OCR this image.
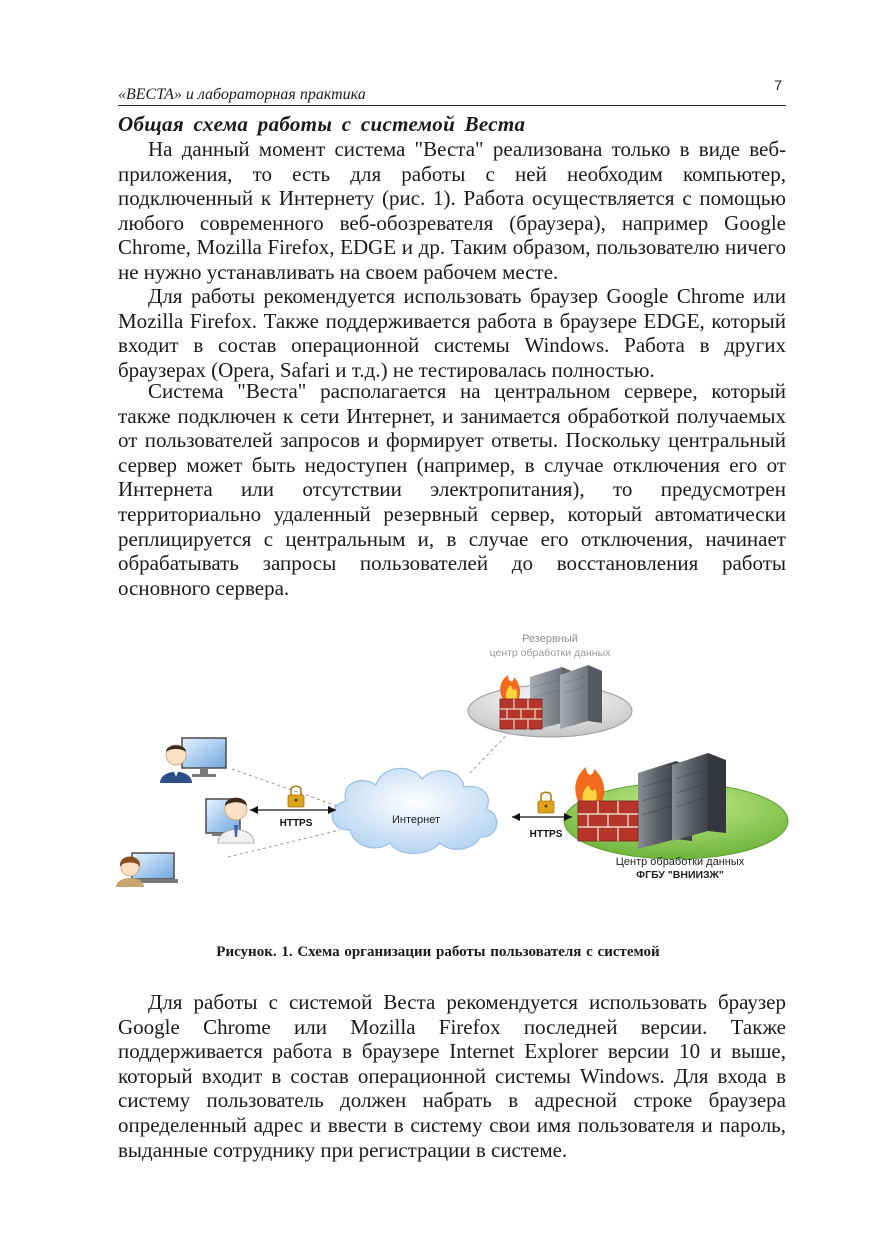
«ВЕСТА» и лабораторная практика
7
Общая схема работы с системой Веста

На данный момент система "Веста" реализована только в виде веб-приложения, то есть для работы с ней необходим компьютер, подключенный к Интернету (рис. 1). Работа осуществляется с помощью любого современного веб-обозревателя (браузера), например Google Chrome, Mozilla Firefox, EDGE и др. Таким образом, пользователю ничего не нужно устанавливать на своем рабочем месте.

Для работы рекомендуется использовать браузер Google Chrome или Mozilla Firefox. Также поддерживается работа в браузере EDGE, который входит в состав операционной системы Windows. Работа в других браузерах (Opera, Safari и т.д.) не тестировалась полностью.

Система "Веста" располагается на центральном сервере, который также подключен к сети Интернет, и занимается обработкой получаемых от пользователей запросов и формирует ответы. Поскольку центральный сервер может быть недоступен (например, в случае отключения его от Интернета или отсутствии электропитания), то предусмотрен территориально удаленный резервный сервер, который автоматически реплицируется с центральным и, в случае его отключения, начинает обрабатывать запросы пользователей до восстановления работы основного сервера.

Резервный
центр обработки данных
Центр обработки данных
ФГБУ "ВНИИЗЖ"
Интернет
HTTPS
HTTPS
Рисунок. 1. Схема организации работы пользователя с системой

Для работы с системой Веста рекомендуется использовать браузер Google Chrome или Mozilla Firefox последней версии. Также поддерживается работа в браузере Internet Explorer версии 10 и выше, который входит в состав операционной системы Windows. Для входа в систему пользователь должен набрать в адресной строке браузера определенный адрес и ввести в систему свои имя пользователя и пароль, выданные сотруднику при регистрации в системе.
